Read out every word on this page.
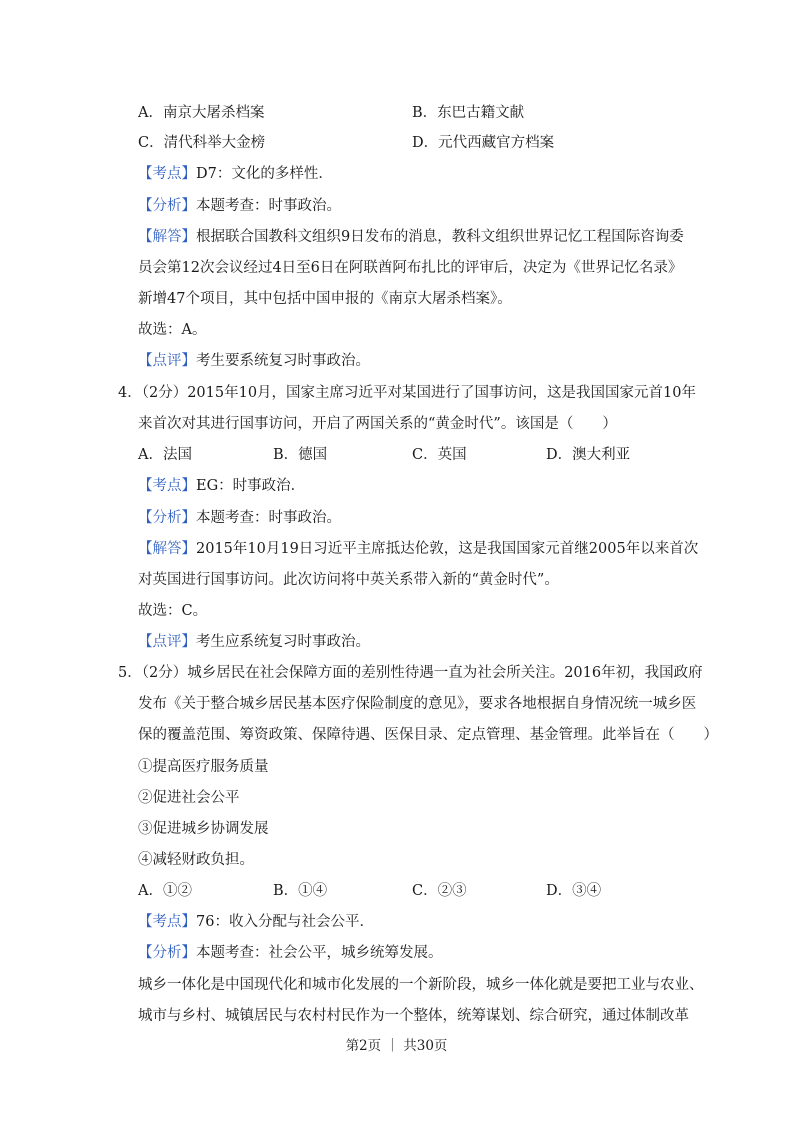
A．南京大屠杀档案	B．东巴古籍文献
C．清代科举大金榜	D．元代西藏官方档案
【考点】D7：文化的多样性．
【分析】本题考查：时事政治。
【解答】根据联合国教科文组织9日发布的消息，教科文组织世界记忆工程国际咨询委
员会第12次会议经过4日至6日在阿联酋阿布扎比的评审后，决定为《世界记忆名录》
新增47个项目，其中包括中国申报的《南京大屠杀档案》。
故选：A。
【点评】考生要系统复习时事政治。
4．（2分）2015年10月，国家主席习近平对某国进行了国事访问，这是我国国家元首10年
来首次对其进行国事访问，开启了两国关系的“黄金时代”。该国是（　　）
A．法国	B．德国	C．英国	D．澳大利亚
【考点】EG：时事政治．
【分析】本题考查：时事政治。
【解答】2015年10月19日习近平主席抵达伦敦，这是我国国家元首继2005年以来首次
对英国进行国事访问。此次访问将中英关系带入新的“黄金时代”。
故选：C。
【点评】考生应系统复习时事政治。
5．（2分）城乡居民在社会保障方面的差别性待遇一直为社会所关注。2016年初，我国政府
发布《关于整合城乡居民基本医疗保险制度的意见》，要求各地根据自身情况统一城乡医
保的覆盖范围、筹资政策、保障待遇、医保目录、定点管理、基金管理。此举旨在（　　）
①提高医疗服务质量
②促进社会公平
③促进城乡协调发展
④减轻财政负担。
A．①②	B．①④	C．②③	D．③④
【考点】76：收入分配与社会公平．
【分析】本题考查：社会公平，城乡统筹发展。
城乡一体化是中国现代化和城市化发展的一个新阶段，城乡一体化就是要把工业与农业、
城市与乡村、城镇居民与农村村民作为一个整体，统筹谋划、综合研究，通过体制改革
第2页 ｜ 共30页
